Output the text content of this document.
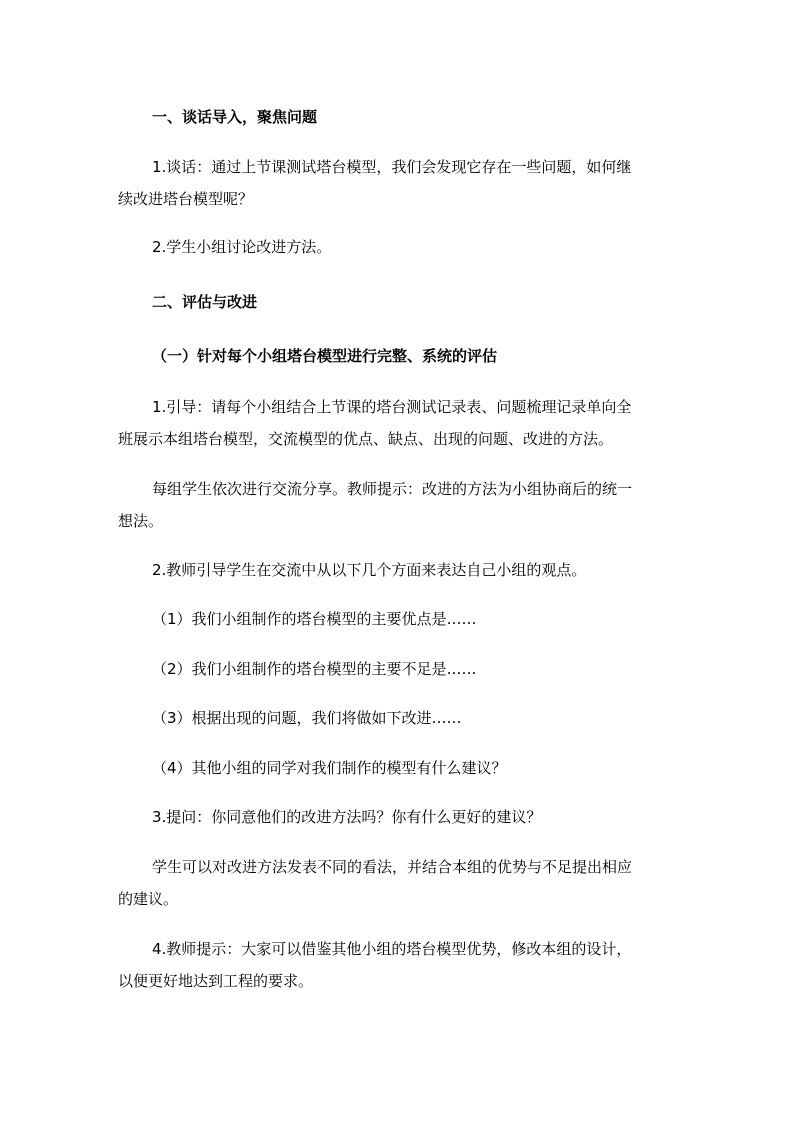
一、谈话导入，聚焦问题
1.谈话：通过上节课测试塔台模型，我们会发现它存在一些问题，如何继
续改进塔台模型呢？
2.学生小组讨论改进方法。
二、评估与改进
（一）针对每个小组塔台模型进行完整、系统的评估
1.引导：请每个小组结合上节课的塔台测试记录表、问题梳理记录单向全
班展示本组塔台模型，交流模型的优点、缺点、出现的问题、改进的方法。
每组学生依次进行交流分享。教师提示：改进的方法为小组协商后的统一
想法。
2.教师引导学生在交流中从以下几个方面来表达自己小组的观点。
（1）我们小组制作的塔台模型的主要优点是……
（2）我们小组制作的塔台模型的主要不足是……
（3）根据出现的问题，我们将做如下改进……
（4）其他小组的同学对我们制作的模型有什么建议？
3.提问：你同意他们的改进方法吗？你有什么更好的建议？
学生可以对改进方法发表不同的看法，并结合本组的优势与不足提出相应
的建议。
4.教师提示：大家可以借鉴其他小组的塔台模型优势，修改本组的设计，
以便更好地达到工程的要求。
